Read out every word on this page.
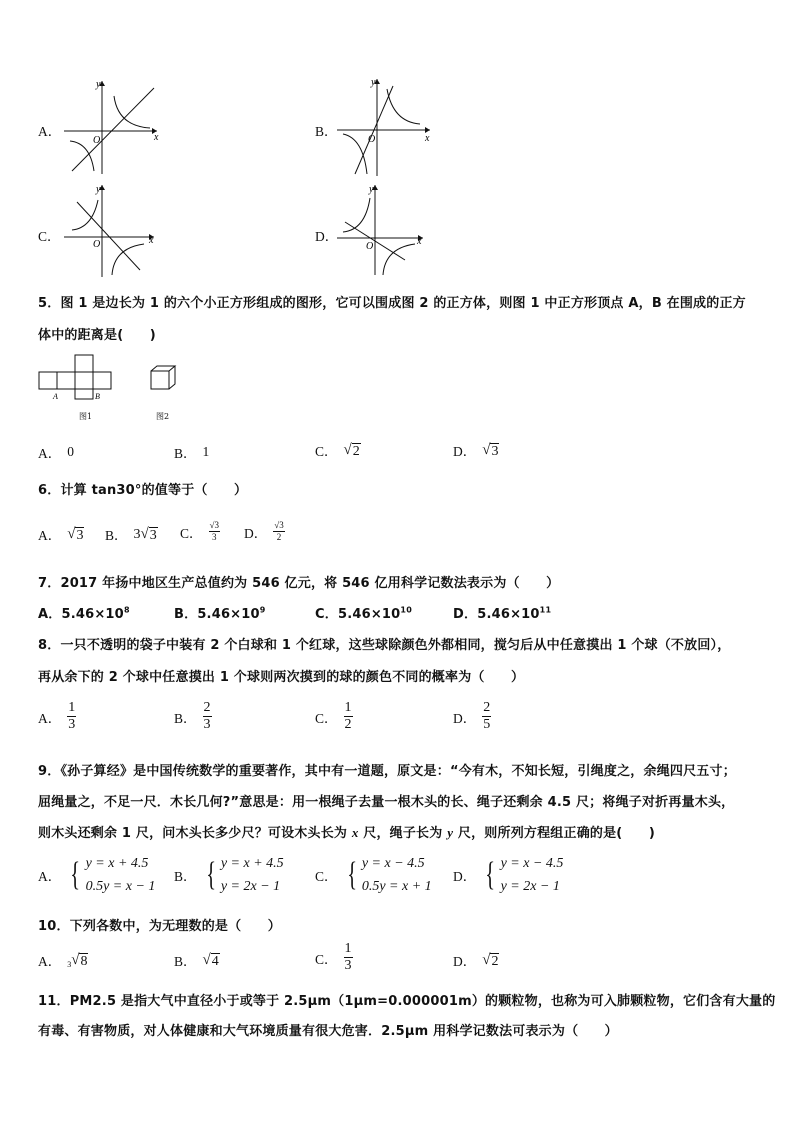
A．	x
y
O
B．	x
y
O
C．	x
y
O
D．	x
y
O
5．图 1 是边长为 1 的六个小正方形组成的图形，它可以围成图 2 的正方体，则图 1 中正方形顶点 A，B 在围成的正方
体中的距离是(　　)
A	B
图1	图2
A． 0	B． 1	C． √ 2	D． √ 3
6．计算 tan30°的值等于（　　）
A． √ 3 B． 3 √ 3 C． $\frac{√3}{3}$ D． $\frac{√3}{2}$
7．2017 年扬中地区生产总值约为 546 亿元，将 546 亿用科学记数法表示为（　　）
A．$5.46\times 10^8$	B．$5.46\times 10^9$	C．$5.46\times 10^{10}$	D．$5.46\times 10^{11}$
8．一只不透明的袋子中装有 2 个白球和 1 个红球，这些球除颜色外都相同，搅匀后从中任意摸出 1 个球（不放回），
再从余下的 2 个球中任意摸出 1 个球则两次摸到的球的颜色不同的概率为（　　）
A． $\frac{1}{3}$	B． $\frac{2}{3}$	C． $\frac{1}{2}$	D． $\frac{2}{5}$
9．《孙子算经》是中国传统数学的重要著作，其中有一道题，原文是：“今有木，不知长短，引绳度之，余绳四尺五寸；
屈绳量之，不足一尺．木长几何?”意思是：用一根绳子去量一根木头的长、绳子还剩余 4.5 尺；将绳子对折再量木头，
则木头还剩余 1 尺，问木头长多少尺？可设木头长为 x 尺，绳子长为 y 尺，则所列方程组正确的是(　　)
A． { y = x + 4.5
0.5y = x − 1
B． { y = x + 4.5
y = 2x − 1
C． { y = x − 4.5
0.5y = x + 1
D． { y = x − 4.5
y = 2x − 1
10．下列各数中，为无理数的是（　　）
A． 3 √ 8	B． √ 4	C． $\frac{1}{3}$	D． √ 2
11．PM2.5 是指大气中直径小于或等于 2.5μm（1μm=0.000001m）的颗粒物，也称为可入肺颗粒物，它们含有大量的
有毒、有害物质，对人体健康和大气环境质量有很大危害．2.5μm 用科学记数法可表示为（　　）
